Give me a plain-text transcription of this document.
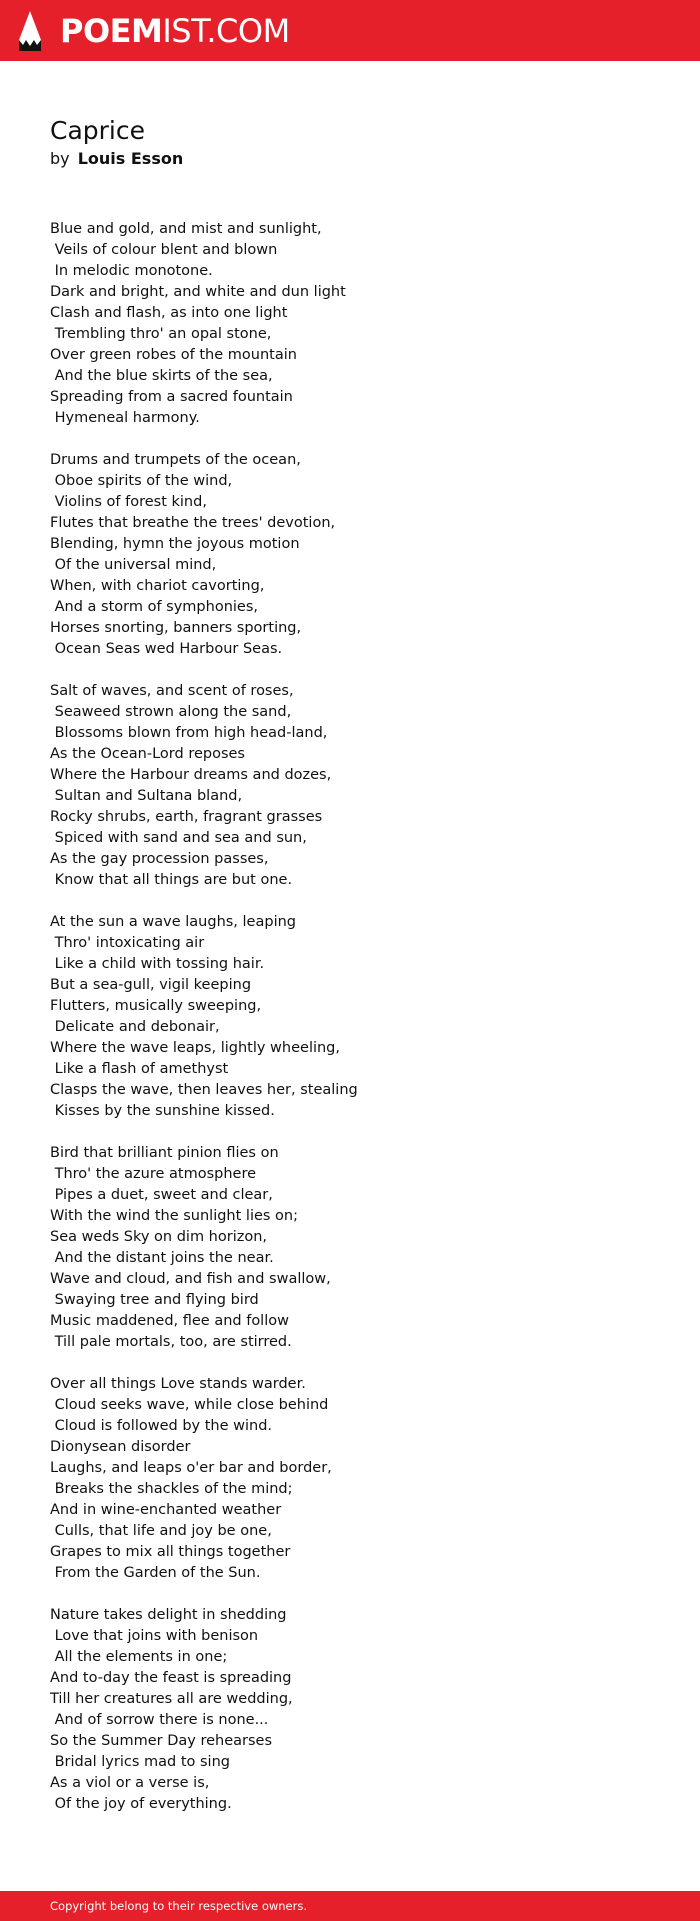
POEMIST.COM
Caprice
by Louis Esson
Blue and gold, and mist and sunlight,
Veils of colour blent and blown
In melodic monotone.
Dark and bright, and white and dun light
Clash and flash, as into one light
Trembling thro' an opal stone,
Over green robes of the mountain
And the blue skirts of the sea,
Spreading from a sacred fountain
Hymeneal harmony.
Drums and trumpets of the ocean,
Oboe spirits of the wind,
Violins of forest kind,
Flutes that breathe the trees' devotion,
Blending, hymn the joyous motion
Of the universal mind,
When, with chariot cavorting,
And a storm of symphonies,
Horses snorting, banners sporting,
Ocean Seas wed Harbour Seas.
Salt of waves, and scent of roses,
Seaweed strown along the sand,
Blossoms blown from high head-land,
As the Ocean-Lord reposes
Where the Harbour dreams and dozes,
Sultan and Sultana bland,
Rocky shrubs, earth, fragrant grasses
Spiced with sand and sea and sun,
As the gay procession passes,
Know that all things are but one.
At the sun a wave laughs, leaping
Thro' intoxicating air
Like a child with tossing hair.
But a sea-gull, vigil keeping
Flutters, musically sweeping,
Delicate and debonair,
Where the wave leaps, lightly wheeling,
Like a flash of amethyst
Clasps the wave, then leaves her, stealing
Kisses by the sunshine kissed.
Bird that brilliant pinion flies on
Thro' the azure atmosphere
Pipes a duet, sweet and clear,
With the wind the sunlight lies on;
Sea weds Sky on dim horizon,
And the distant joins the near.
Wave and cloud, and fish and swallow,
Swaying tree and flying bird
Music maddened, flee and follow
Till pale mortals, too, are stirred.
Over all things Love stands warder.
Cloud seeks wave, while close behind
Cloud is followed by the wind.
Dionysean disorder
Laughs, and leaps o'er bar and border,
Breaks the shackles of the mind;
And in wine-enchanted weather
Culls, that life and joy be one,
Grapes to mix all things together
From the Garden of the Sun.
Nature takes delight in shedding
Love that joins with benison
All the elements in one;
And to-day the feast is spreading
Till her creatures all are wedding,
And of sorrow there is none...
So the Summer Day rehearses
Bridal lyrics mad to sing
As a viol or a verse is,
Of the joy of everything.
Copyright belong to their respective owners.
